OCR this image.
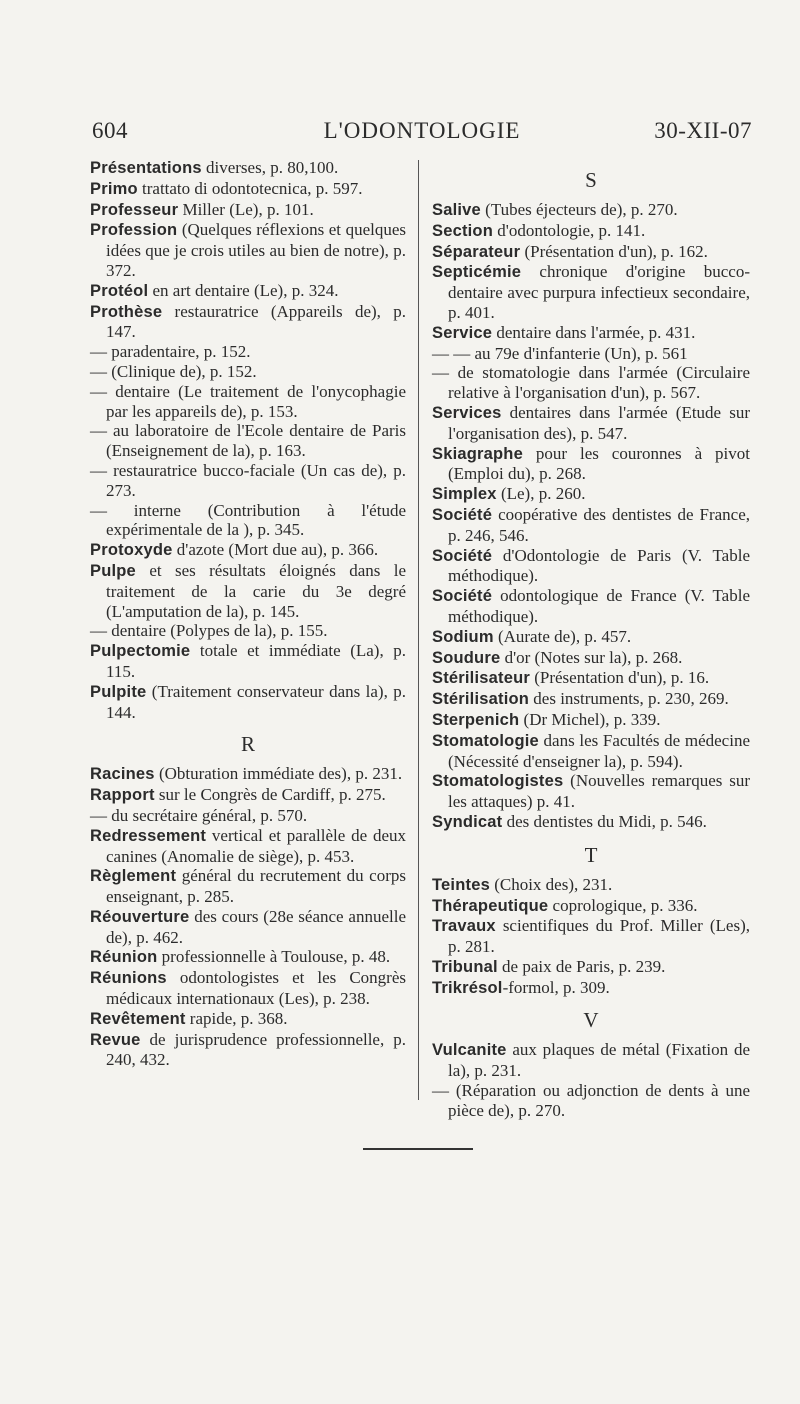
604	L'ODONTOLOGIE	30-XII-07

Présentations diverses, p. 80,100.

Primo trattato di odontotecnica, p. 597.

Professeur Miller (Le), p. 101.

Profession (Quelques réflexions et quelques idées que je crois utiles au bien de notre), p. 372.

Protéol en art dentaire (Le), p. 324.

Prothèse restauratrice (Appareils de), p. 147.

— paradentaire, p. 152.

— (Clinique de), p. 152.

— dentaire (Le traitement de l'onycophagie par les appareils de), p. 153.

— au laboratoire de l'Ecole dentaire de Paris (Enseignement de la), p. 163.

— restauratrice bucco-faciale (Un cas de), p. 273.

— interne (Contribution à l'étude expérimentale de la ), p. 345.

Protoxyde d'azote (Mort due au), p. 366.

Pulpe et ses résultats éloignés dans le traitement de la carie du 3e degré (L'amputation de la), p. 145.

— dentaire (Polypes de la), p. 155.

Pulpectomie totale et immédiate (La), p. 115.

Pulpite (Traitement conservateur dans la), p. 144.

R

Racines (Obturation immédiate des), p. 231.

Rapport sur le Congrès de Cardiff, p. 275.

— du secrétaire général, p. 570.

Redressement vertical et parallèle de deux canines (Anomalie de siège), p. 453.

Règlement général du recrutement du corps enseignant, p. 285.

Réouverture des cours (28e séance annuelle de), p. 462.

Réunion professionnelle à Toulouse, p. 48.

Réunions odontologistes et les Congrès médicaux internationaux (Les), p. 238.

Revêtement rapide, p. 368.

Revue de jurisprudence professionnelle, p. 240, 432.

S

Salive (Tubes éjecteurs de), p. 270.

Section d'odontologie, p. 141.

Séparateur (Présentation d'un), p. 162.

Septicémie chronique d'origine bucco-dentaire avec purpura infectieux secondaire, p. 401.

Service dentaire dans l'armée, p. 431.

— — au 79e d'infanterie (Un), p. 561

— de stomatologie dans l'armée (Circulaire relative à l'organisation d'un), p. 567.

Services dentaires dans l'armée (Etude sur l'organisation des), p. 547.

Skiagraphe pour les couronnes à pivot (Emploi du), p. 268.

Simplex (Le), p. 260.

Société coopérative des dentistes de France, p. 246, 546.

Société d'Odontologie de Paris (V. Table méthodique).

Société odontologique de France (V. Table méthodique).

Sodium (Aurate de), p. 457.

Soudure d'or (Notes sur la), p. 268.

Stérilisateur (Présentation d'un), p. 16.

Stérilisation des instruments, p. 230, 269.

Sterpenich (Dr Michel), p. 339.

Stomatologie dans les Facultés de médecine (Nécessité d'enseigner la), p. 594).

Stomatologistes (Nouvelles remarques sur les attaques) p. 41.

Syndicat des dentistes du Midi, p. 546.

T

Teintes (Choix des), 231.

Thérapeutique coprologique, p. 336.

Travaux scientifiques du Prof. Miller (Les), p. 281.

Tribunal de paix de Paris, p. 239.

Trikrésol-formol, p. 309.

V

Vulcanite aux plaques de métal (Fixation de la), p. 231.

— (Réparation ou adjonction de dents à une pièce de), p. 270.
